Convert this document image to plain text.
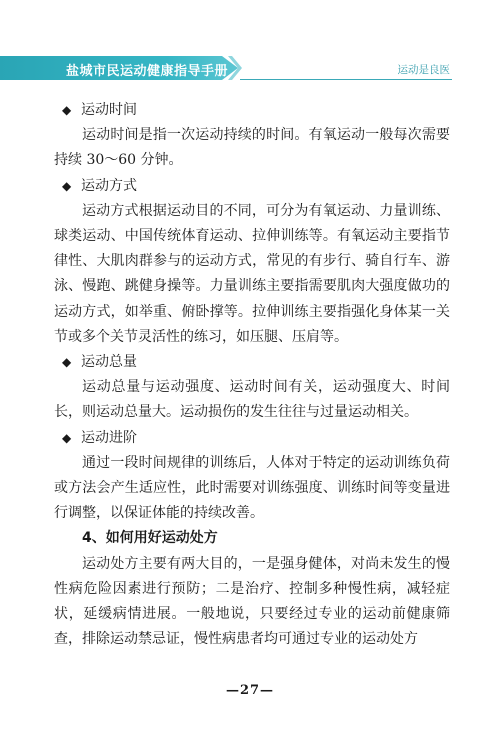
盐城市民运动健康指导手册	运动是良医

◆ 运动时间

运动时间是指一次运动持续的时间。有氧运动一般每次需要持续 30～60 分钟。

◆ 运动方式

运动方式根据运动目的不同，可分为有氧运动、力量训练、球类运动、中国传统体育运动、拉伸训练等。有氧运动主要指节律性、大肌肉群参与的运动方式，常见的有步行、骑自行车、游泳、慢跑、跳健身操等。力量训练主要指需要肌肉大强度做功的运动方式，如举重、俯卧撑等。拉伸训练主要指强化身体某一关节或多个关节灵活性的练习，如压腿、压肩等。

◆ 运动总量

运动总量与运动强度、运动时间有关，运动强度大、时间长，则运动总量大。运动损伤的发生往往与过量运动相关。

◆ 运动进阶

通过一段时间规律的训练后，人体对于特定的运动训练负荷或方法会产生适应性，此时需要对训练强度、训练时间等变量进行调整，以保证体能的持续改善。

4、如何用好运动处方

运动处方主要有两大目的，一是强身健体，对尚未发生的慢性病危险因素进行预防；二是治疗、控制多种慢性病，减轻症状，延缓病情进展。一般地说，只要经过专业的运动前健康筛查，排除运动禁忌证，慢性病患者均可通过专业的运动处方

—27—
